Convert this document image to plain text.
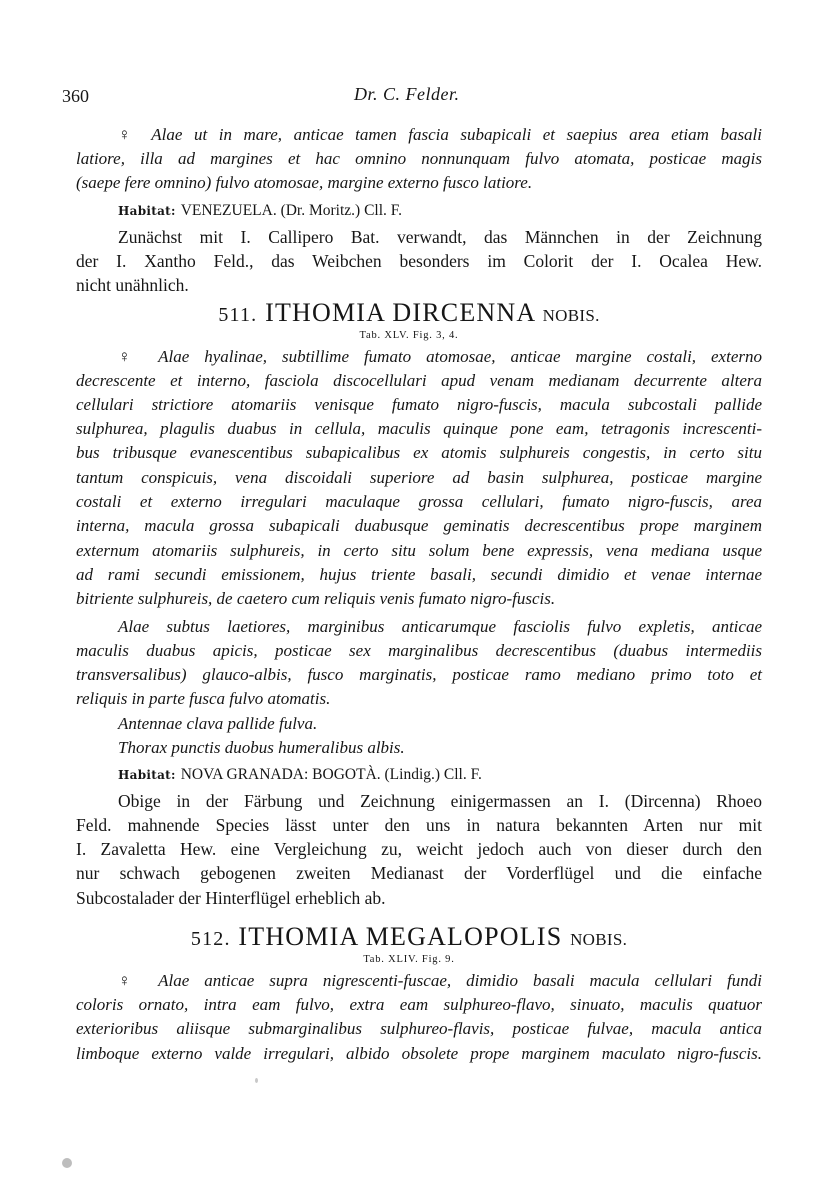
360	Dr. C. Felder.
♀ Alae ut in mare, anticae tamen fascia subapicali et saepius area etiam basali
latiore, illa ad margines et hac omnino nonnunquam fulvo atomata, posticae magis
(saepe fere omnino) fulvo atomosae, margine externo fusco latiore.
Habitat: VENEZUELA. (Dr. Moritz.) Cll. F.
Zunächst mit I. Callipero Bat. verwandt, das Männchen in der Zeichnung
der I. Xantho Feld., das Weibchen besonders im Colorit der I. Ocalea Hew.
nicht unähnlich.
511. ITHOMIA DIRCENNA NOBIS.
Tab. XLV. Fig. 3, 4.
♀ Alae hyalinae, subtillime fumato atomosae, anticae margine costali, externo
decrescente et interno, fasciola discocellulari apud venam medianam decurrente altera
cellulari strictiore atomariis venisque fumato nigro-fuscis, macula subcostali pallide
sulphurea, plagulis duabus in cellula, maculis quinque pone eam, tetragonis increscenti-
bus tribusque evanescentibus subapicalibus ex atomis sulphureis congestis, in certo situ
tantum conspicuis, vena discoidali superiore ad basin sulphurea, posticae margine
costali et externo irregulari maculaque grossa cellulari, fumato nigro-fuscis, area
interna, macula grossa subapicali duabusque geminatis decrescentibus prope marginem
externum atomariis sulphureis, in certo situ solum bene expressis, vena mediana usque
ad rami secundi emissionem, hujus triente basali, secundi dimidio et venae internae
bitriente sulphureis, de caetero cum reliquis venis fumato nigro-fuscis.
Alae subtus laetiores, marginibus anticarumque fasciolis fulvo expletis, anticae
maculis duabus apicis, posticae sex marginalibus decrescentibus (duabus intermediis
transversalibus) glauco-albis, fusco marginatis, posticae ramo mediano primo toto et
reliquis in parte fusca fulvo atomatis.
Antennae clava pallide fulva.
Thorax punctis duobus humeralibus albis.
Habitat: NOVA GRANADA: BOGOTÀ. (Lindig.) Cll. F.
Obige in der Färbung und Zeichnung einigermassen an I. (Dircenna) Rhoeo
Feld. mahnende Species lässt unter den uns in natura bekannten Arten nur mit
I. Zavaletta Hew. eine Vergleichung zu, weicht jedoch auch von dieser durch den
nur schwach gebogenen zweiten Medianast der Vorderflügel und die einfache
Subcostalader der Hinterflügel erheblich ab.
512. ITHOMIA MEGALOPOLIS NOBIS.
Tab. XLIV. Fig. 9.
♀ Alae anticae supra nigrescenti-fuscae, dimidio basali macula cellulari fundi
coloris ornato, intra eam fulvo, extra eam sulphureo-flavo, sinuato, maculis quatuor
exterioribus aliisque submarginalibus sulphureo-flavis, posticae fulvae, macula antica
limboque externo valde irregulari, albido obsolete prope marginem maculato nigro-fuscis.
